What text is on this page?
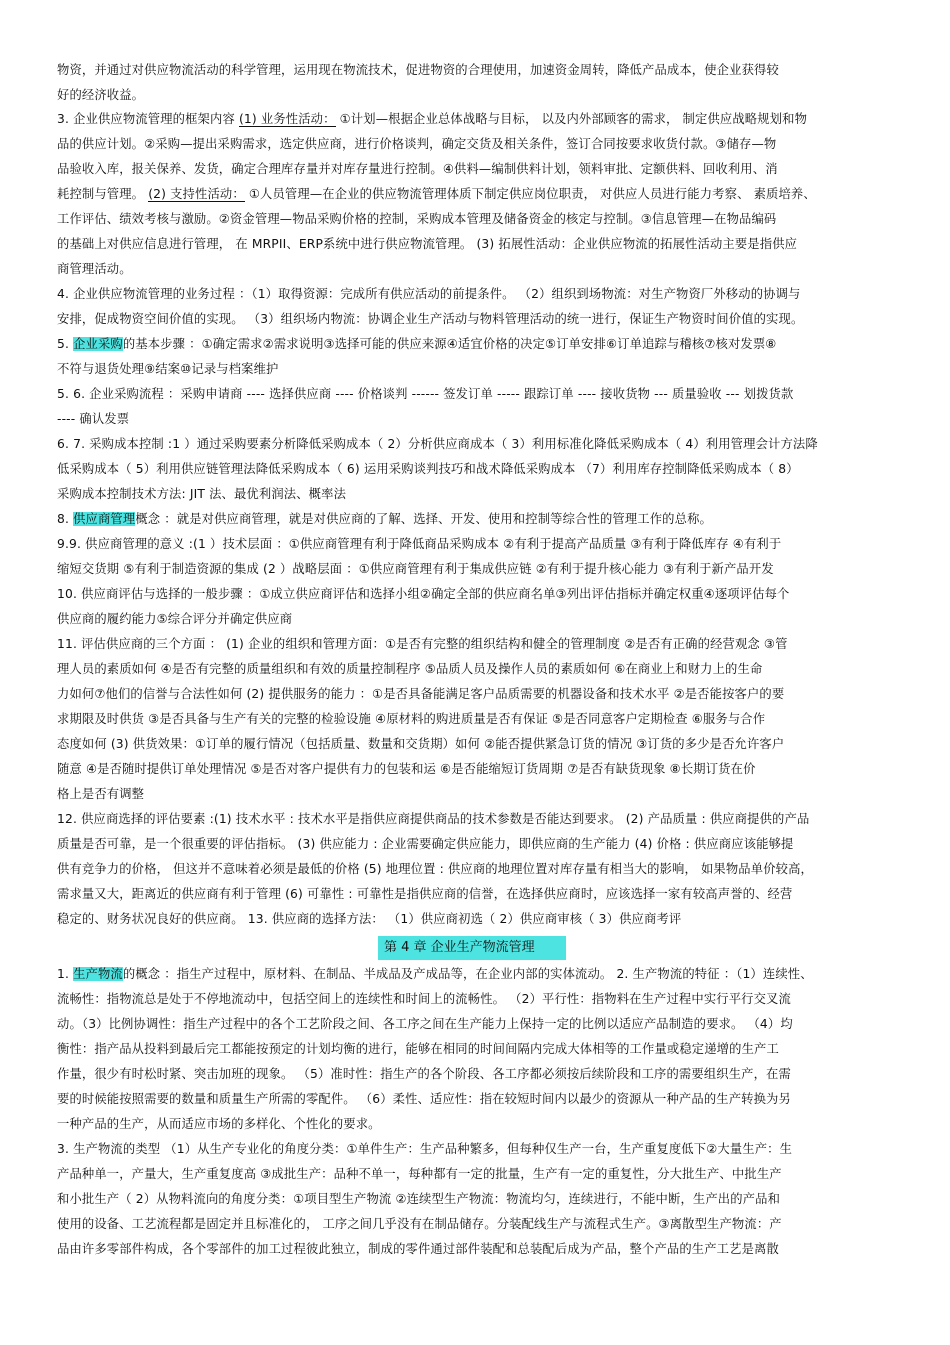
物资，并通过对供应物流活动的科学管理，运用现在物流技术，促进物资的合理使用，加速资金周转，降低产品成本，使企业获得较
好的经济收益。
3. 企业供应物流管理的框架内容 (1) 业务性活动： ①计划—根据企业总体战略与目标， 以及内外部顾客的需求， 制定供应战略规划和物
品的供应计划。②采购—提出采购需求，选定供应商，进行价格谈判，确定交货及相关条件，签订合同按要求收货付款。③储存—物
品验收入库，报关保养、发货，确定合理库存量并对库存量进行控制。④供料—编制供料计划，领料审批、定额供料、回收利用、消
耗控制与管理。 (2) 支持性活动： ①人员管理—在企业的供应物流管理体质下制定供应岗位职责， 对供应人员进行能力考察、 素质培养、
工作评估、绩效考核与激励。②资金管理—物品采购价格的控制，采购成本管理及储备资金的核定与控制。③信息管理—在物品编码
的基础上对供应信息进行管理， 在 MRPII、ERP系统中进行供应物流管理。 (3) 拓展性活动：企业供应物流的拓展性活动主要是指供应
商管理活动。
4. 企业供应物流管理的业务过程 ：（1）取得资源：完成所有供应活动的前提条件。 （2）组织到场物流：对生产物资厂外移动的协调与
安排，促成物资空间价值的实现。 （3）组织场内物流：协调企业生产活动与物料管理活动的统一进行，保证生产物资时间价值的实现。
5. 企业采购的基本步骤 ：①确定需求②需求说明③选择可能的供应来源④适宜价格的决定⑤订单安排⑥订单追踪与稽核⑦核对发票⑧
不符与退货处理⑨结案⑩记录与档案维护
5. 6. 企业采购流程 ：采购申请商 ---- 选择供应商 ---- 价格谈判 ------ 签发订单 ----- 跟踪订单 ---- 接收货物 --- 质量验收 --- 划拨货款
---- 确认发票
6. 7. 采购成本控制 :1 ）通过采购要素分析降低采购成本（ 2）分析供应商成本（ 3）利用标准化降低采购成本（ 4）利用管理会计方法降
低采购成本（ 5）利用供应链管理法降低采购成本（ 6) 运用采购谈判技巧和战术降低采购成本 （7）利用库存控制降低采购成本（ 8）
采购成本控制技术方法: JIT 法、最优利润法、概率法
8. 供应商管理概念 ：就是对供应商管理，就是对供应商的了解、选择、开发、使用和控制等综合性的管理工作的总称。
9.9. 供应商管理的意义 :(1 ）技术层面 ：①供应商管理有利于降低商品采购成本 ②有利于提高产品质量 ③有利于降低库存 ④有利于
缩短交货期 ⑤有利于制造资源的集成 (2 ）战略层面 ：①供应商管理有利于集成供应链 ②有利于提升核心能力 ③有利于新产品开发
10. 供应商评估与选择的一般步骤 ：①成立供应商评估和选择小组②确定全部的供应商名单③列出评估指标并确定权重④逐项评估每个
供应商的履约能力⑤综合评分并确定供应商
11. 评估供应商的三个方面 ： (1) 企业的组织和管理方面：①是否有完整的组织结构和健全的管理制度 ②是否有正确的经营观念 ③管
理人员的素质如何 ④是否有完整的质量组织和有效的质量控制程序 ⑤品质人员及操作人员的素质如何 ⑥在商业上和财力上的生命
力如何⑦他们的信誉与合法性如何 (2) 提供服务的能力 ：①是否具备能满足客户品质需要的机器设备和技术水平 ②是否能按客户的要
求期限及时供货 ③是否具备与生产有关的完整的检验设施 ④原材料的购进质量是否有保证 ⑤是否同意客户定期检查 ⑥服务与合作
态度如何 (3) 供货效果：①订单的履行情况（包括质量、数量和交货期）如何 ②能否提供紧急订货的情况 ③订货的多少是否允许客户
随意 ④是否随时提供订单处理情况 ⑤是否对客户提供有力的包装和运 ⑥是否能缩短订货周期 ⑦是否有缺货现象 ⑧长期订货在价
格上是否有调整
12. 供应商选择的评估要素 :(1) 技术水平 : 技术水平是指供应商提供商品的技术参数是否能达到要求。 (2) 产品质量 : 供应商提供的产品
质量是否可靠，是一个很重要的评估指标。 (3) 供应能力 : 企业需要确定供应能力，即供应商的生产能力 (4) 价格 : 供应商应该能够提
供有竞争力的价格， 但这并不意味着必须是最低的价格 (5) 地理位置 : 供应商的地理位置对库存量有相当大的影响， 如果物品单价较高，
需求量又大，距离近的供应商有利于管理 (6) 可靠性 : 可靠性是指供应商的信誉，在选择供应商时，应该选择一家有较高声誉的、经营
稳定的、财务状况良好的供应商。 13. 供应商的选择方法： （1）供应商初选（ 2）供应商审核（ 3）供应商考评
1. 生产物流的概念 ：指生产过程中，原材料、在制品、半成品及产成品等，在企业内部的实体流动。 2. 生产物流的特征 ：（1）连续性、
流畅性：指物流总是处于不停地流动中，包括空间上的连续性和时间上的流畅性。 （2）平行性：指物料在生产过程中实行平行交叉流
动。（3）比例协调性：指生产过程中的各个工艺阶段之间、各工序之间在生产能力上保持一定的比例以适应产品制造的要求。 （4）均
衡性：指产品从投料到最后完工都能按预定的计划均衡的进行，能够在相同的时间间隔内完成大体相等的工作量或稳定递增的生产工
作量，很少有时松时紧、突击加班的现象。 （5）准时性：指生产的各个阶段、各工序都必须按后续阶段和工序的需要组织生产，在需
要的时候能按照需要的数量和质量生产所需的零配件。 （6）柔性、适应性：指在较短时间内以最少的资源从一种产品的生产转换为另
一种产品的生产，从而适应市场的多样化、个性化的要求。
3. 生产物流的类型 （1）从生产专业化的角度分类：①单件生产：生产品种繁多，但每种仅生产一台，生产重复度低下②大量生产：生
产品种单一，产量大，生产重复度高 ③成批生产：品种不单一，每种都有一定的批量，生产有一定的重复性，分大批生产、中批生产
和小批生产（ 2）从物料流向的角度分类：①项目型生产物流 ②连续型生产物流：物流均匀，连续进行，不能中断，生产出的产品和
使用的设备、工艺流程都是固定并且标准化的， 工序之间几乎没有在制品储存。分装配线生产与流程式生产。③离散型生产物流：产
品由许多零部件构成，各个零部件的加工过程彼此独立，制成的零件通过部件装配和总装配后成为产品，整个产品的生产工艺是离散
第 4 章 企业生产物流管理
